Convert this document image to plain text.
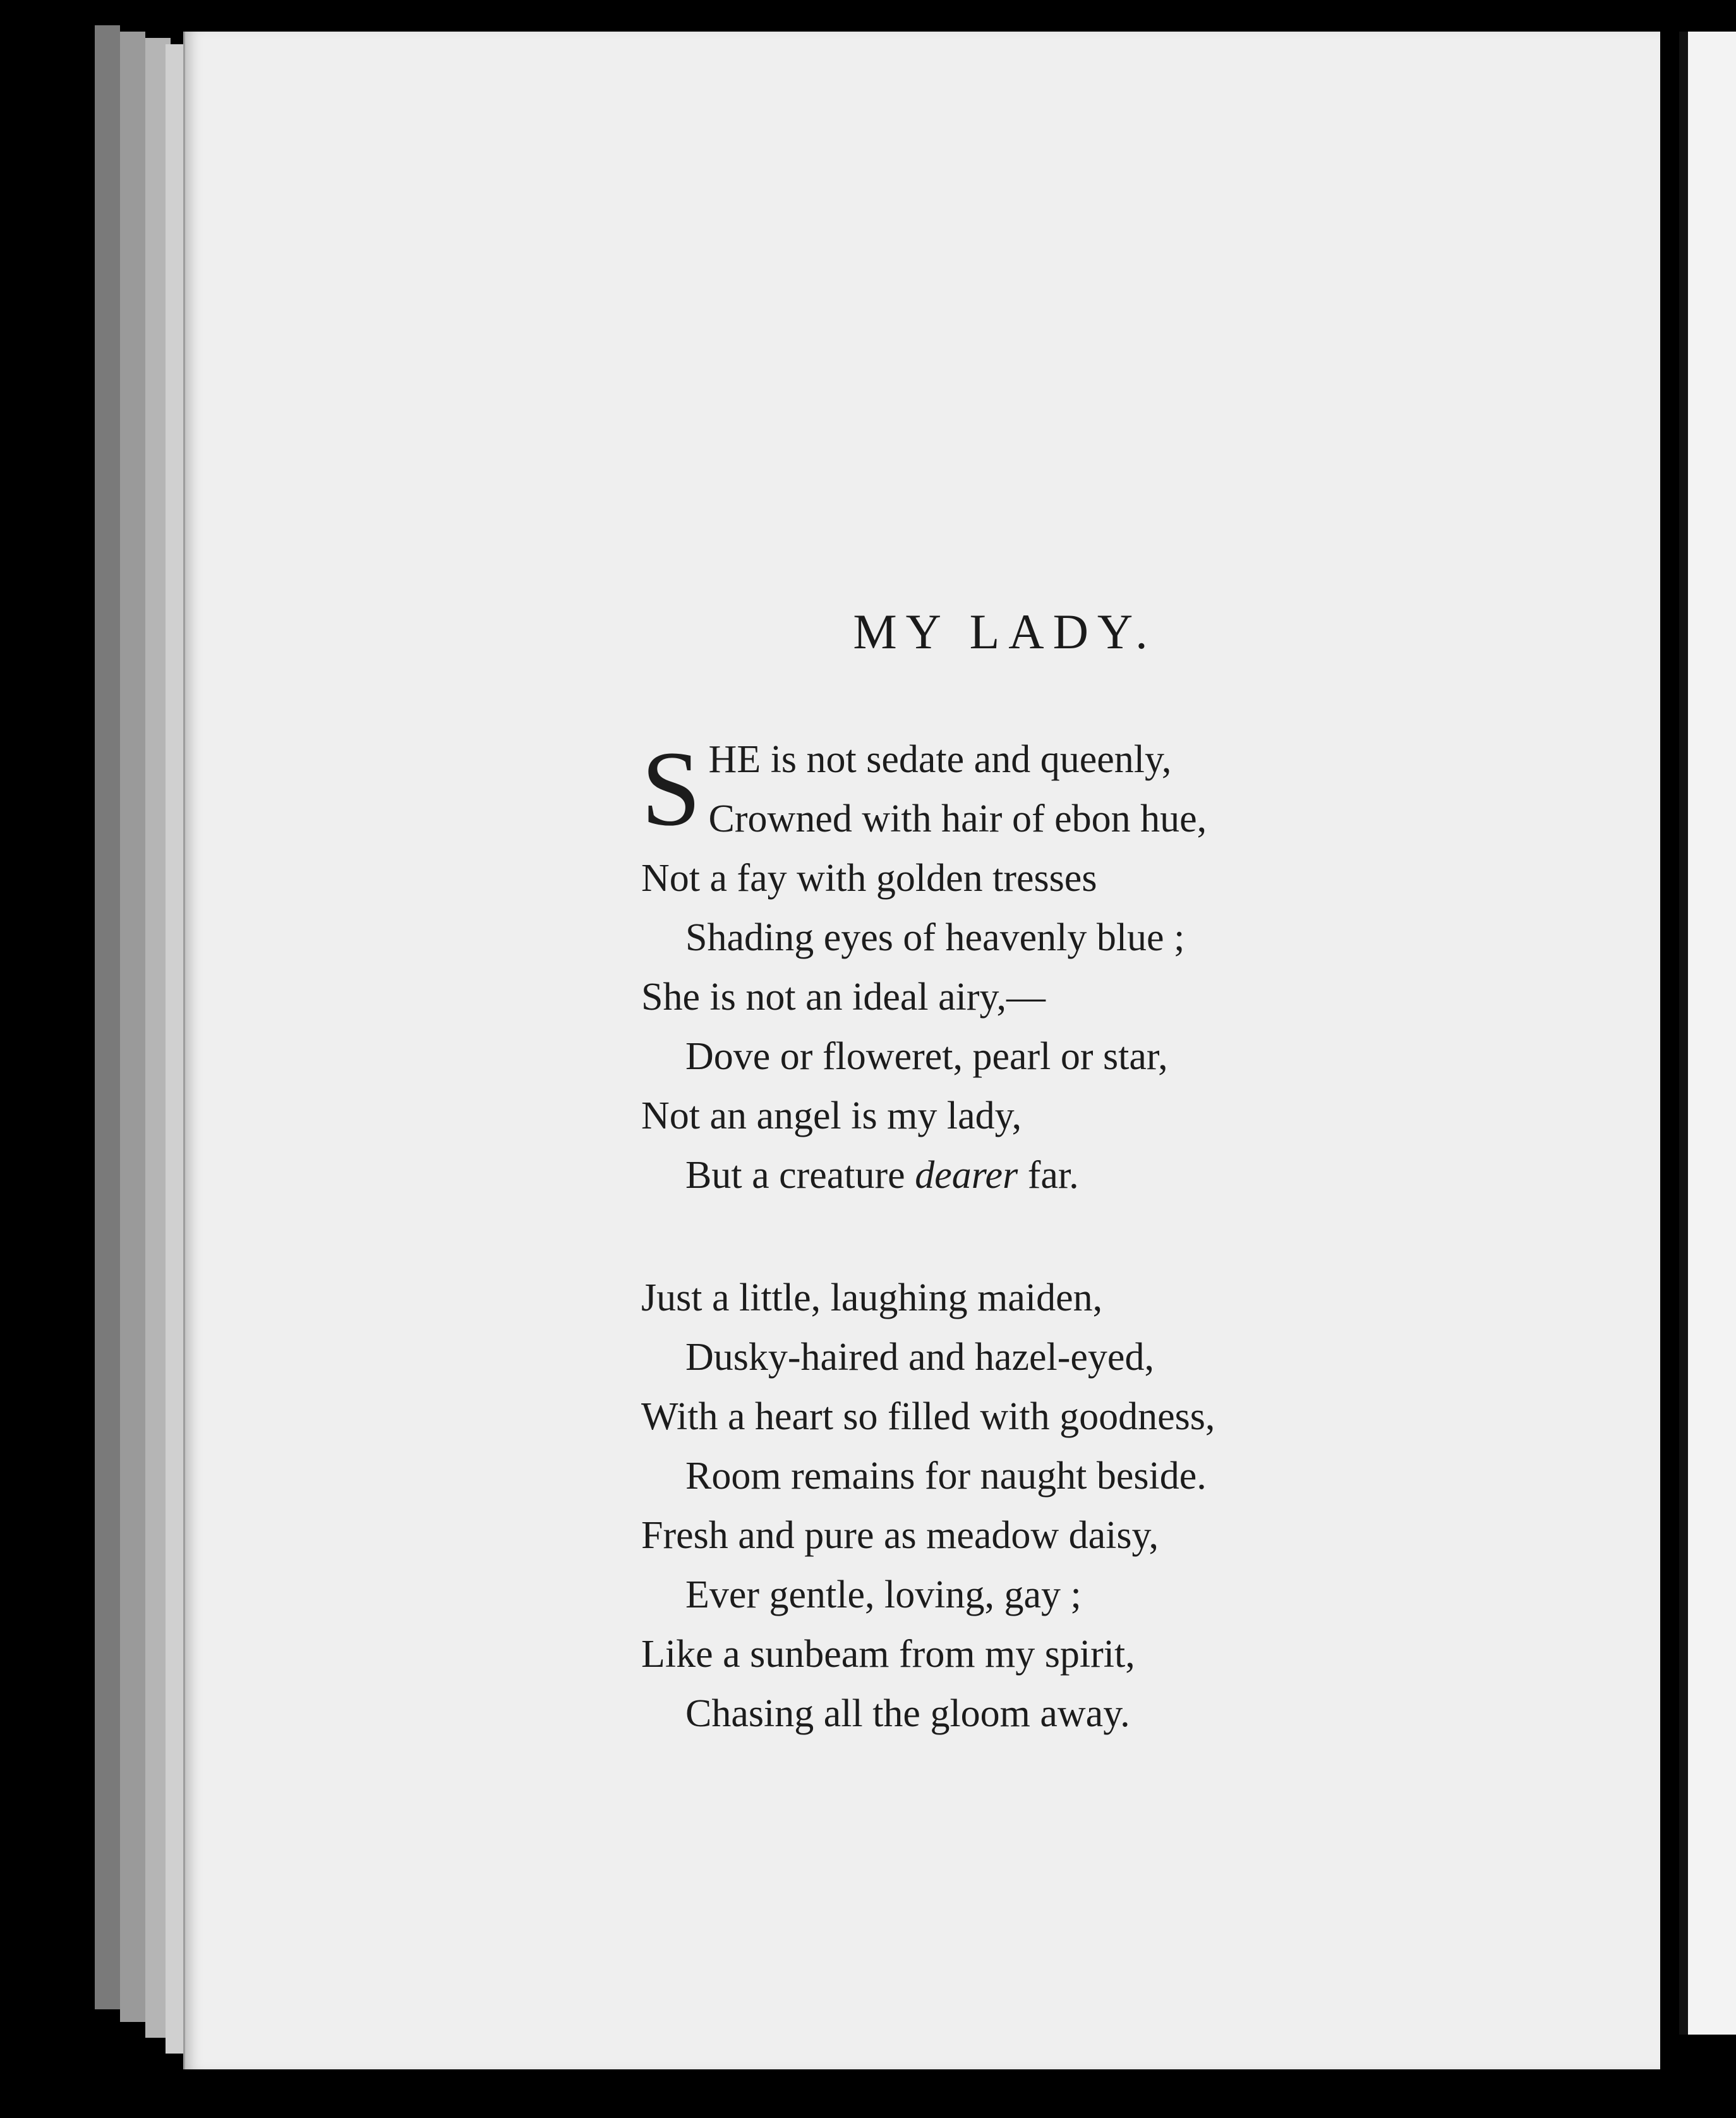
MY LADY.
S HE is not sedate and queenly,
Crowned with hair of ebon hue,
Not a fay with golden tresses
Shading eyes of heavenly blue ;
She is not an ideal airy,—
Dove or floweret, pearl or star,
Not an angel is my lady,
But a creature dearer far.
Just a little, laughing maiden,
Dusky-haired and hazel-eyed,
With a heart so filled with goodness,
Room remains for naught beside.
Fresh and pure as meadow daisy,
Ever gentle, loving, gay ;
Like a sunbeam from my spirit,
Chasing all the gloom away.
